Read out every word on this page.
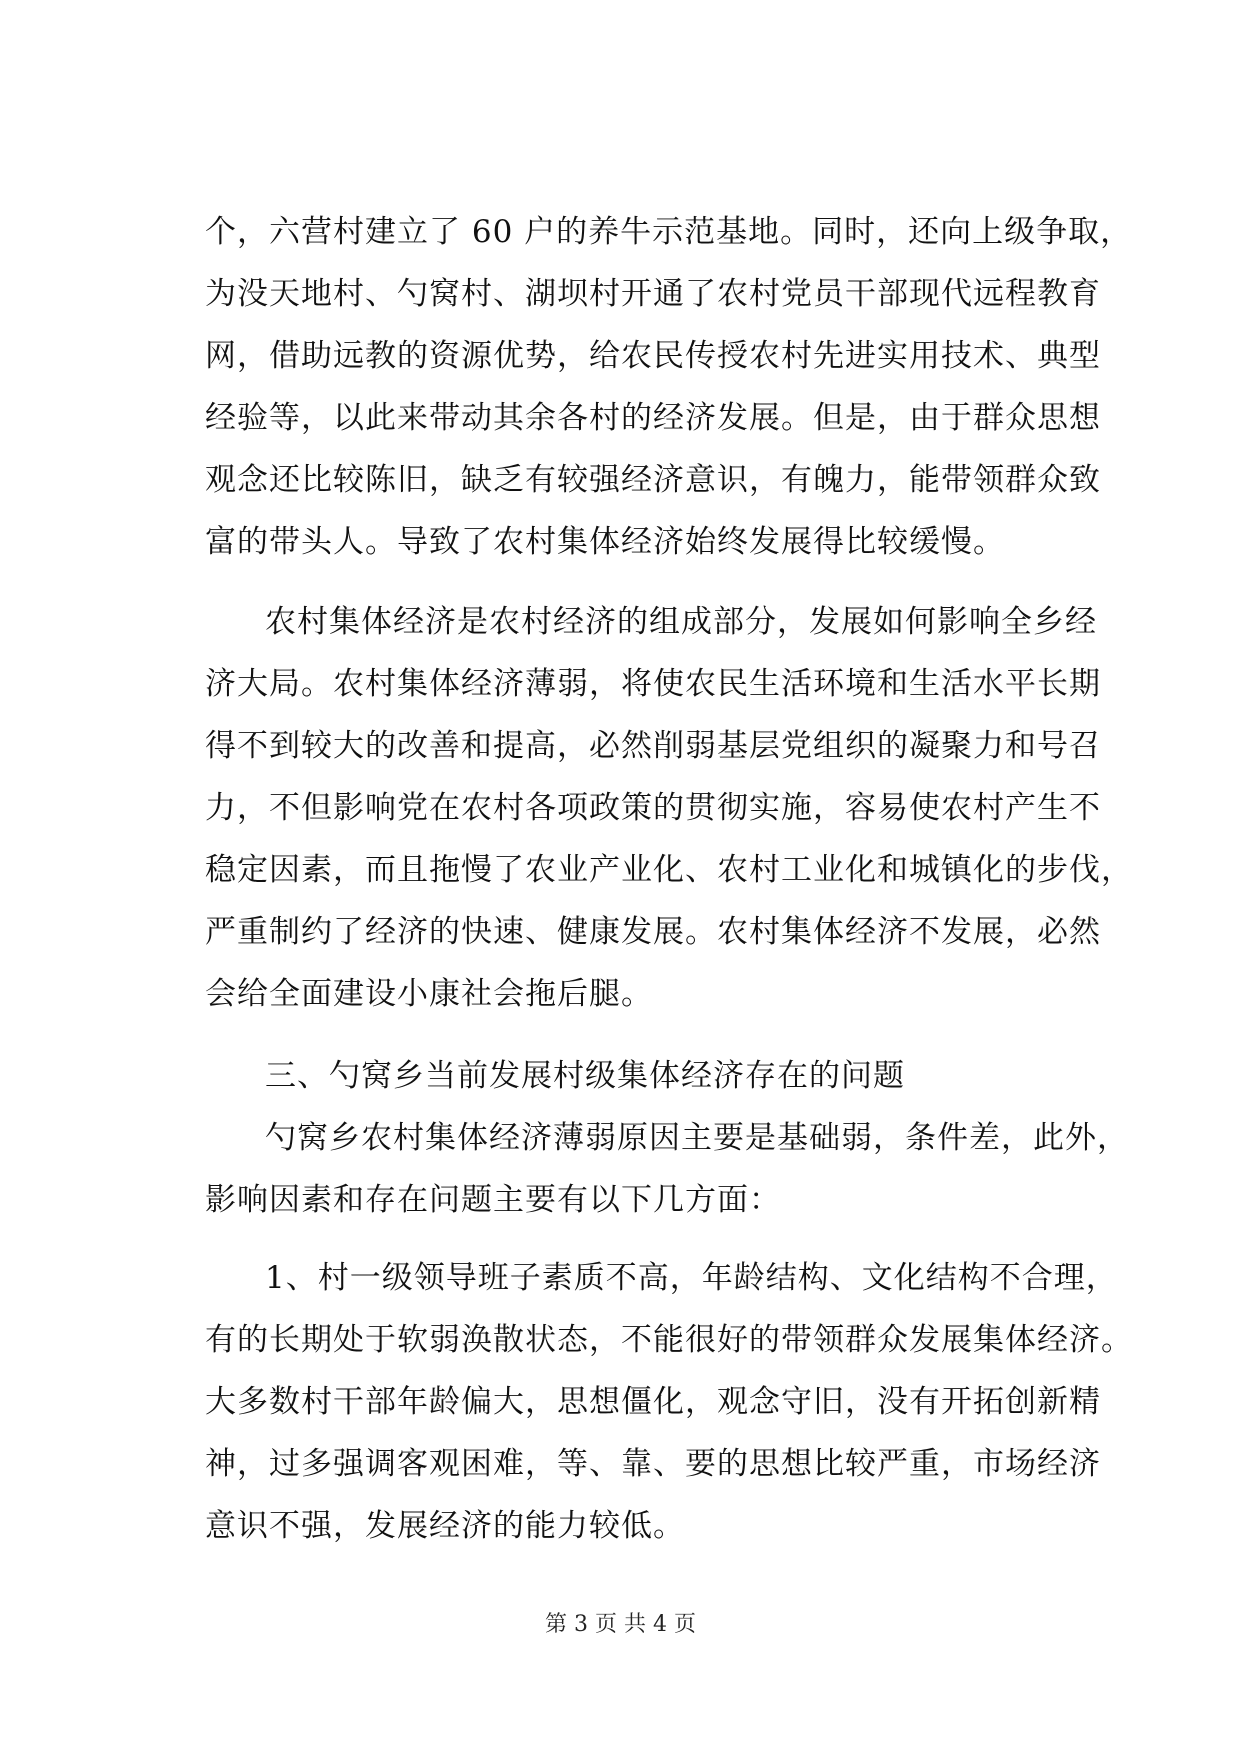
个，六营村建立了 60 户的养牛示范基地。同时，还向上级争取，
为没天地村、勺窝村、湖坝村开通了农村党员干部现代远程教育
网，借助远教的资源优势，给农民传授农村先进实用技术、典型
经验等，以此来带动其余各村的经济发展。但是，由于群众思想
观念还比较陈旧，缺乏有较强经济意识，有魄力，能带领群众致
富的带头人。导致了农村集体经济始终发展得比较缓慢。
农村集体经济是农村经济的组成部分，发展如何影响全乡经
济大局。农村集体经济薄弱，将使农民生活环境和生活水平长期
得不到较大的改善和提高，必然削弱基层党组织的凝聚力和号召
力，不但影响党在农村各项政策的贯彻实施，容易使农村产生不
稳定因素，而且拖慢了农业产业化、农村工业化和城镇化的步伐，
严重制约了经济的快速、健康发展。农村集体经济不发展，必然
会给全面建设小康社会拖后腿。
三、勺窝乡当前发展村级集体经济存在的问题
勺窝乡农村集体经济薄弱原因主要是基础弱，条件差，此外，
影响因素和存在问题主要有以下几方面：
1、村一级领导班子素质不高，年龄结构、文化结构不合理，
有的长期处于软弱涣散状态，不能很好的带领群众发展集体经济。
大多数村干部年龄偏大，思想僵化，观念守旧，没有开拓创新精
神，过多强调客观困难，等、靠、要的思想比较严重，市场经济
意识不强，发展经济的能力较低。
第 3 页 共 4 页
